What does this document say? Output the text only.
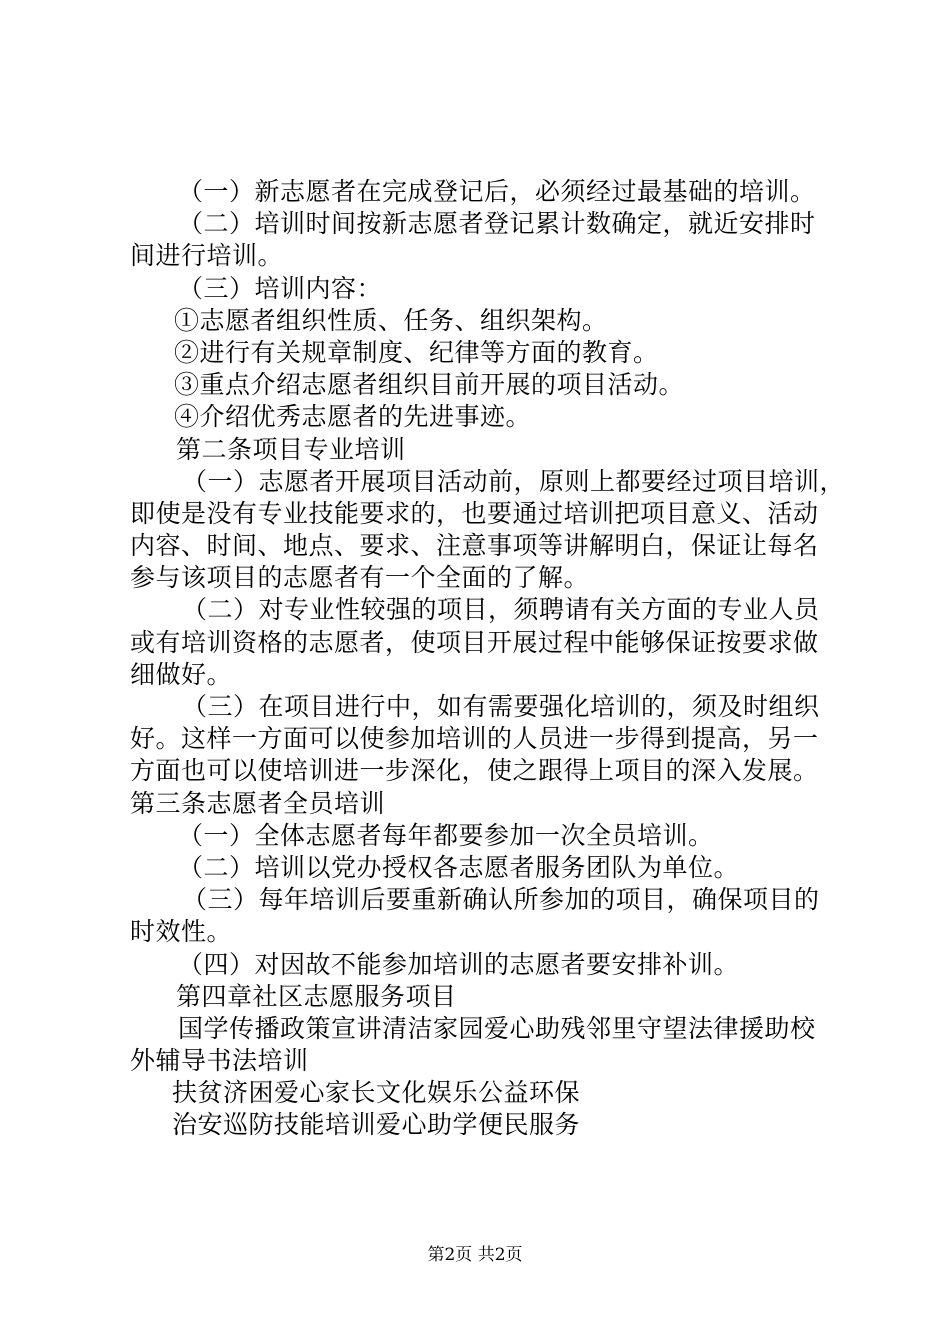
（一）新志愿者在完成登记后，必须经过最基础的培训。
（二）培训时间按新志愿者登记累计数确定，就近安排时
间进行培训。
（三）培训内容：
①志愿者组织性质、任务、组织架构。
②进行有关规章制度、纪律等方面的教育。
③重点介绍志愿者组织目前开展的项目活动。
④介绍优秀志愿者的先进事迹。
第二条项目专业培训
（一）志愿者开展项目活动前，原则上都要经过项目培训，
即使是没有专业技能要求的，也要通过培训把项目意义、活动
内容、时间、地点、要求、注意事项等讲解明白，保证让每名
参与该项目的志愿者有一个全面的了解。
（二）对专业性较强的项目，须聘请有关方面的专业人员
或有培训资格的志愿者，使项目开展过程中能够保证按要求做
细做好。
（三）在项目进行中，如有需要强化培训的，须及时组织
好。这样一方面可以使参加培训的人员进一步得到提高，另一
方面也可以使培训进一步深化，使之跟得上项目的深入发展。
第三条志愿者全员培训
（一）全体志愿者每年都要参加一次全员培训。
（二）培训以党办授权各志愿者服务团队为单位。
（三）每年培训后要重新确认所参加的项目，确保项目的
时效性。
（四）对因故不能参加培训的志愿者要安排补训。
第四章社区志愿服务项目
国学传播政策宣讲清洁家园爱心助残邻里守望法律援助校
外辅导书法培训
扶贫济困爱心家长文化娱乐公益环保
治安巡防技能培训爱心助学便民服务
第2页 共2页
